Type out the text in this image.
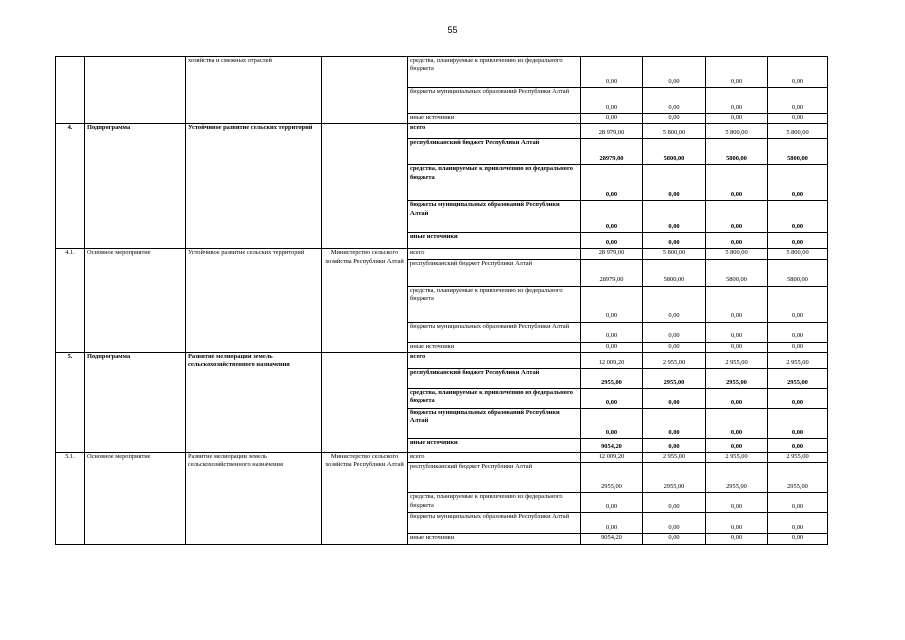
55
		хозяйства и смежных отраслей		средства, планируемые к привлечению из федерального бюджета	0,00	0,00	0,00	0,00
				бюджеты муниципальных образований Республики Алтай	0,00	0,00	0,00	0,00
				иные источники	0,00	0,00	0,00	0,00
4.	Подпрограмма	Устойчивое развитие сельских территорий		всего	28 979,00	5 800,00	5 800,00	5 800,00
				республиканский бюджет Республики Алтай	28979,00	5800,00	5800,00	5800,00
				средства, планируемые к привлечению из федерального бюджета	0,00	0,00	0,00	0,00
				бюджеты муниципальных образований Республики Алтай	0,00	0,00	0,00	0,00
				иные источники	0,00	0,00	0,00	0,00
4.1.	Основное мероприятие	Устойчивое развитие сельских территорий	Министерство сельского хозяйства Республики Алтай	всего	28 979,00	5 800,00	5 800,00	5 800,00
				республиканский бюджет Республики Алтай	28979,00	5800,00	5800,00	5800,00
				средства, планируемые к привлечению из федерального бюджета	0,00	0,00	0,00	0,00
				бюджеты муниципальных образований Республики Алтай	0,00	0,00	0,00	0,00
				иные источники	0,00	0,00	0,00	0,00
5.	Подпрограмма	Развитие мелиорации земель сельскохозяйственного назначения		всего	12 009,20	2 955,00	2 955,00	2 955,00
				республиканский бюджет Республики Алтай	2955,00	2955,00	2955,00	2955,00
				средства, планируемые к привлечению из федерального бюджета	0,00	0,00	0,00	0,00
				бюджеты муниципальных образований Республики Алтай	0,00	0,00	0,00	0,00
				иные источники	9054,20	0,00	0,00	0,00
5.1.	Основное мероприятие	Развитие мелиорации земель сельскохозяйственного назначения	Министерство сельского хозяйства Республики Алтай	всего	12 009,20	2 955,00	2 955,00	2 955,00
				республиканский бюджет Республики Алтай	2955,00	2955,00	2955,00	2955,00
				средства, планируемые к привлечению из федерального бюджета	0,00	0,00	0,00	0,00
				бюджеты муниципальных образований Республики Алтай	0,00	0,00	0,00	0,00
				иные источники	9054,20	0,00	0,00	0,00
